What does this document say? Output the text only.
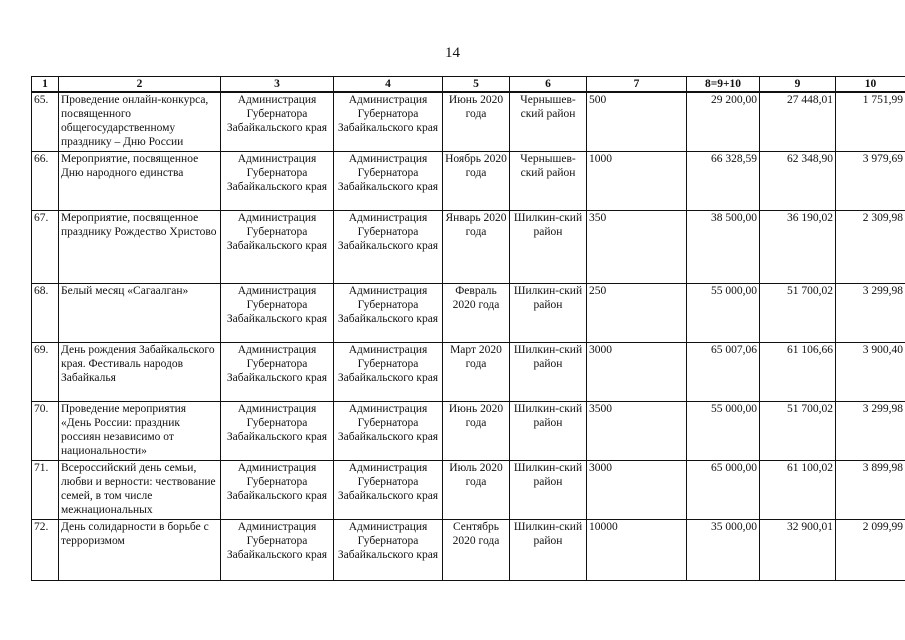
14
1	2	3	4	5	6	7	8=9+10	9	10
65.	Проведение онлайн-конкурса, посвященного общегосударственному празднику – Дню России	Администрация Губернатора Забайкальского края	Администрация Губернатора Забайкальского края	Июнь 2020 года	Чернышев-ский район	500	29 200,00	27 448,01	1 751,99
66.	Мероприятие, посвященное Дню народного единства	Администрация Губернатора Забайкальского края	Администрация Губернатора Забайкальского края	Ноябрь 2020 года	Чернышев-ский район	1000	66 328,59	62 348,90	3 979,69
67.	Мероприятие, посвященное празднику Рождество Христово	Администрация Губернатора Забайкальского края	Администрация Губернатора Забайкальского края	Январь 2020 года	Шилкин-ский район	350	38 500,00	36 190,02	2 309,98
68.	Белый месяц «Сагаалган»	Администрация Губернатора Забайкальского края	Администрация Губернатора Забайкальского края	Февраль 2020 года	Шилкин-ский район	250	55 000,00	51 700,02	3 299,98
69.	День рождения Забайкальского края. Фестиваль народов Забайкалья	Администрация Губернатора Забайкальского края	Администрация Губернатора Забайкальского края	Март 2020 года	Шилкин-ский район	3000	65 007,06	61 106,66	3 900,40
70.	Проведение мероприятия «День России: праздник россиян независимо от национальности»	Администрация Губернатора Забайкальского края	Администрация Губернатора Забайкальского края	Июнь 2020 года	Шилкин-ский район	3500	55 000,00	51 700,02	3 299,98
71.	Всероссийский день семьи, любви и верности: чествование семей, в том числе межнациональных	Администрация Губернатора Забайкальского края	Администрация Губернатора Забайкальского края	Июль 2020 года	Шилкин-ский район	3000	65 000,00	61 100,02	3 899,98
72.	День солидарности в борьбе с терроризмом	Администрация Губернатора Забайкальского края	Администрация Губернатора Забайкальского края	Сентябрь 2020 года	Шилкин-ский район	10000	35 000,00	32 900,01	2 099,99
